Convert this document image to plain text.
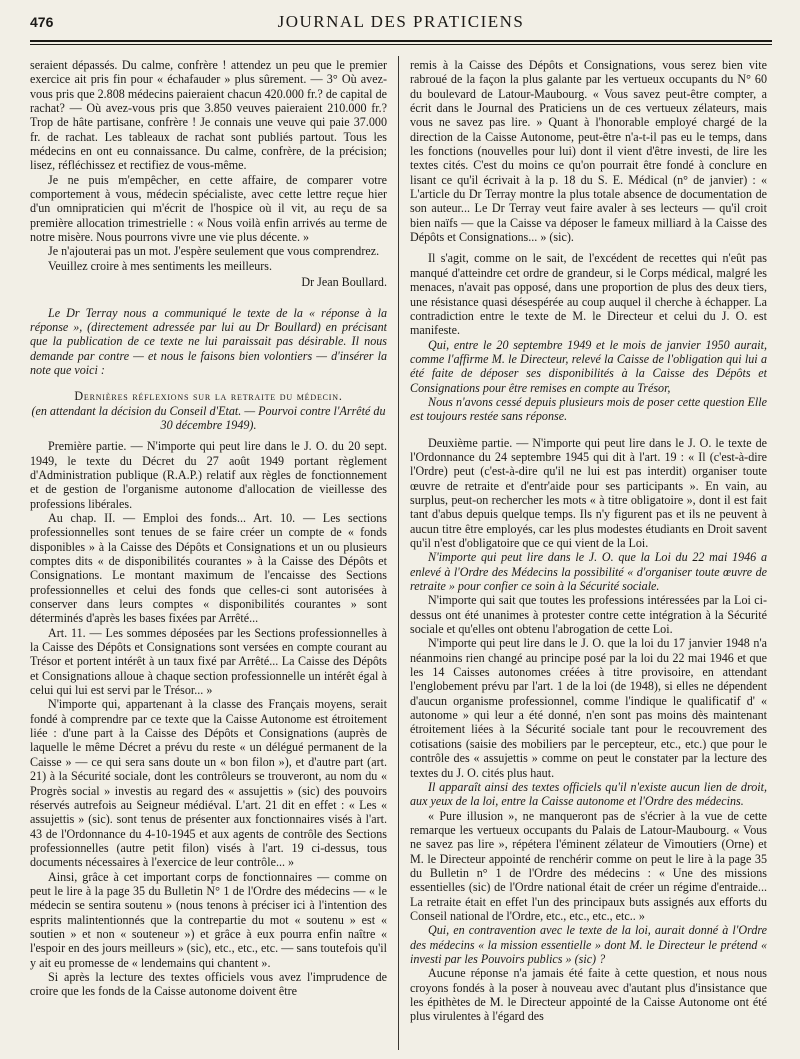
476	JOURNAL DES PRATICIENS

seraient dépassés. Du calme, confrère ! attendez un peu que le premier exercice ait pris fin pour « échafauder » plus sûrement. — 3° Où avez-vous pris que 2.808 médecins paieraient chacun 420.000 fr.? de capital de rachat? — Où avez-vous pris que 3.850 veuves paieraient 210.000 fr.? Trop de hâte partisane, confrère ! Je connais une veuve qui paie 37.000 fr. de rachat. Les tableaux de rachat sont publiés partout. Tous les médecins en ont eu connaissance. Du calme, confrère, de la précision; lisez, réfléchissez et rectifiez de vous-même.

Je ne puis m'empêcher, en cette affaire, de comparer votre comportement à vous, médecin spécialiste, avec cette lettre reçue hier d'un omnipraticien qui m'écrit de l'hospice où il vit, au reçu de sa première allocation trimestrielle : « Nous voilà enfin arrivés au terme de notre misère. Nous pourrons vivre une vie plus décente. »

Je n'ajouterai pas un mot. J'espère seulement que vous comprendrez.

Veuillez croire à mes sentiments les meilleurs.

Dr Jean Boullard.

Le Dr Terray nous a communiqué le texte de la « réponse à la réponse », (directement adressée par lui au Dr Boullard) en précisant que la publication de ce texte ne lui paraissait pas désirable. Il nous demande par contre — et nous le faisons bien volontiers — d'insérer la note que voici :

Dernières réflexions sur la retraite du médecin.

(en attendant la décision du Conseil d'Etat. — Pourvoi contre l'Arrêté du 30 décembre 1949).

Première partie. — N'importe qui peut lire dans le J. O. du 20 sept. 1949, le texte du Décret du 27 août 1949 portant règlement d'Administration publique (R.A.P.) relatif aux règles de fonctionnement et de gestion de l'organisme autonome d'allocation de vieillesse des professions libérales.

Au chap. II. — Emploi des fonds... Art. 10. — Les sections professionnelles sont tenues de se faire créer un compte de « fonds disponibles » à la Caisse des Dépôts et Consignations et un ou plusieurs comptes dits « de disponibilités courantes » à la Caisse des Dépôts et Consignations. Le montant maximum de l'encaisse des Sections professionnelles et celui des fonds que celles-ci sont autorisées à conserver dans leurs comptes « disponibilités courantes » sont déterminés d'après les bases fixées par Arrêté...

Art. 11. — Les sommes déposées par les Sections professionnelles à la Caisse des Dépôts et Consignations sont versées en compte courant au Trésor et portent intérêt à un taux fixé par Arrêté... La Caisse des Dépôts et Consignations alloue à chaque section professionnelle un intérêt égal à celui qui lui est servi par le Trésor... »

N'importe qui, appartenant à la classe des Français moyens, serait fondé à comprendre par ce texte que la Caisse Autonome est étroitement liée : d'une part à la Caisse des Dépôts et Consignations (auprès de laquelle le même Décret a prévu du reste « un délégué permanent de la Caisse » — ce qui sera sans doute un « bon filon »), et d'autre part (art. 21) à la Sécurité sociale, dont les contrôleurs se trouveront, au nom du « Progrès social » investis au regard des « assujettis » (sic) des pouvoirs réservés autrefois au Seigneur médiéval. L'art. 21 dit en effet : « Les « assujettis » (sic). sont tenus de présenter aux fonctionnaires visés à l'art. 43 de l'Ordonnance du 4-10-1945 et aux agents de contrôle des Sections professionnelles (autre petit filon) visés à l'art. 19 ci-dessus, tous documents nécessaires à l'exercice de leur contrôle... »

Ainsi, grâce à cet important corps de fonctionnaires — comme on peut le lire à la page 35 du Bulletin N° 1 de l'Ordre des médecins — « le médecin se sentira soutenu » (nous tenons à préciser ici à l'intention des esprits malintentionnés que la contrepartie du mot « soutenu » est « soutien » et non « souteneur ») et grâce à eux pourra enfin naître « l'espoir en des jours meilleurs » (sic), etc., etc., etc. — sans toutefois qu'il y ait eu promesse de « lendemains qui chantent ».

Si après la lecture des textes officiels vous avez l'imprudence de croire que les fonds de la Caisse autonome doivent être

remis à la Caisse des Dépôts et Consignations, vous serez bien vite rabroué de la façon la plus galante par les vertueux occupants du N° 60 du boulevard de Latour-Maubourg. « Vous savez peut-être compter, a écrit dans le Journal des Praticiens un de ces vertueux zélateurs, mais vous ne savez pas lire. » Quant à l'honorable employé chargé de la direction de la Caisse Autonome, peut-être n'a-t-il pas eu le temps, dans les fonctions (nouvelles pour lui) dont il vient d'être investi, de lire les textes cités. C'est du moins ce qu'on pourrait être fondé à conclure en lisant ce qu'il écrivait à la p. 18 du S. E. Médical (n° de janvier) : « L'article du Dr Terray montre la plus totale absence de documentation de son auteur... Le Dr Terray veut faire avaler à ses lecteurs — qu'il croit bien naïfs — que la Caisse va déposer le fameux milliard à la Caisse des Dépôts et Consignations... » (sic).

Il s'agit, comme on le sait, de l'excédent de recettes qui n'eût pas manqué d'atteindre cet ordre de grandeur, si le Corps médical, malgré les menaces, n'avait pas opposé, dans une proportion de plus des deux tiers, une résistance quasi désespérée au coup auquel il cherche à échapper. La contradiction entre le texte de M. le Directeur et celui du J. O. est manifeste.

Qui, entre le 20 septembre 1949 et le mois de janvier 1950 aurait, comme l'affirme M. le Directeur, relevé la Caisse de l'obligation qui lui a été faite de déposer ses disponibilités à la Caisse des Dépôts et Consignations pour être remises en compte au Trésor,

Nous n'avons cessé depuis plusieurs mois de poser cette question Elle est toujours restée sans réponse.

Deuxième partie. — N'importe qui peut lire dans le J. O. le texte de l'Ordonnance du 24 septembre 1945 qui dit à l'art. 19 : « Il (c'est-à-dire l'Ordre) peut (c'est-à-dire qu'il ne lui est pas interdit) organiser toute œuvre de retraite et d'entr'aide pour ses participants ». En vain, au surplus, peut-on rechercher les mots « à titre obligatoire », dont il est fait tant d'abus depuis quelque temps. Ils n'y figurent pas et ils ne peuvent à aucun titre être employés, car les plus modestes étudiants en Droit savent qu'il n'est d'obligatoire que ce qui vient de la Loi.

N'importe qui peut lire dans le J. O. que la Loi du 22 mai 1946 a enlevé à l'Ordre des Médecins la possibilité « d'organiser toute œuvre de retraite » pour confier ce soin à la Sécurité sociale.

N'importe qui sait que toutes les professions intéressées par la Loi ci-dessus ont été unanimes à protester contre cette intégration à la Sécurité sociale et qu'elles ont obtenu l'abrogation de cette Loi.

N'importe qui peut lire dans le J. O. que la loi du 17 janvier 1948 n'a néanmoins rien changé au principe posé par la loi du 22 mai 1946 et que les 14 Caisses autonomes créées à titre provisoire, en attendant l'englobement prévu par l'art. 1 de la loi (de 1948), si elles ne dépendent d'aucun organisme professionnel, comme l'indique le qualificatif d' « autonome » qui leur a été donné, n'en sont pas moins dès maintenant étroitement liées à la Sécurité sociale tant pour le recouvrement des cotisations (saisie des mobiliers par le percepteur, etc., etc.) que pour le contrôle des « assujettis » comme on peut le constater par la lecture des textes du J. O. cités plus haut.

Il apparaît ainsi des textes officiels qu'il n'existe aucun lien de droit, aux yeux de la loi, entre la Caisse autonome et l'Ordre des médecins.

« Pure illusion », ne manqueront pas de s'écrier à la vue de cette remarque les vertueux occupants du Palais de Latour-Maubourg. « Vous ne savez pas lire », répétera l'éminent zélateur de Vimoutiers (Orne) et M. le Directeur appointé de renchérir comme on peut le lire à la page 35 du Bulletin n° 1 de l'Ordre des médecins : « Une des missions essentielles (sic) de l'Ordre national était de créer un régime d'entraide... La retraite était en effet l'un des principaux buts assignés aux efforts du Conseil national de l'Ordre, etc., etc., etc., etc.. »

Qui, en contravention avec le texte de la loi, aurait donné à l'Ordre des médecins « la mission essentielle » dont M. le Directeur le prétend « investi par les Pouvoirs publics » (sic) ?

Aucune réponse n'a jamais été faite à cette question, et nous nous croyons fondés à la poser à nouveau avec d'autant plus d'insistance que les épithètes de M. le Directeur appointé de la Caisse Autonome ont été plus virulentes à l'égard des
